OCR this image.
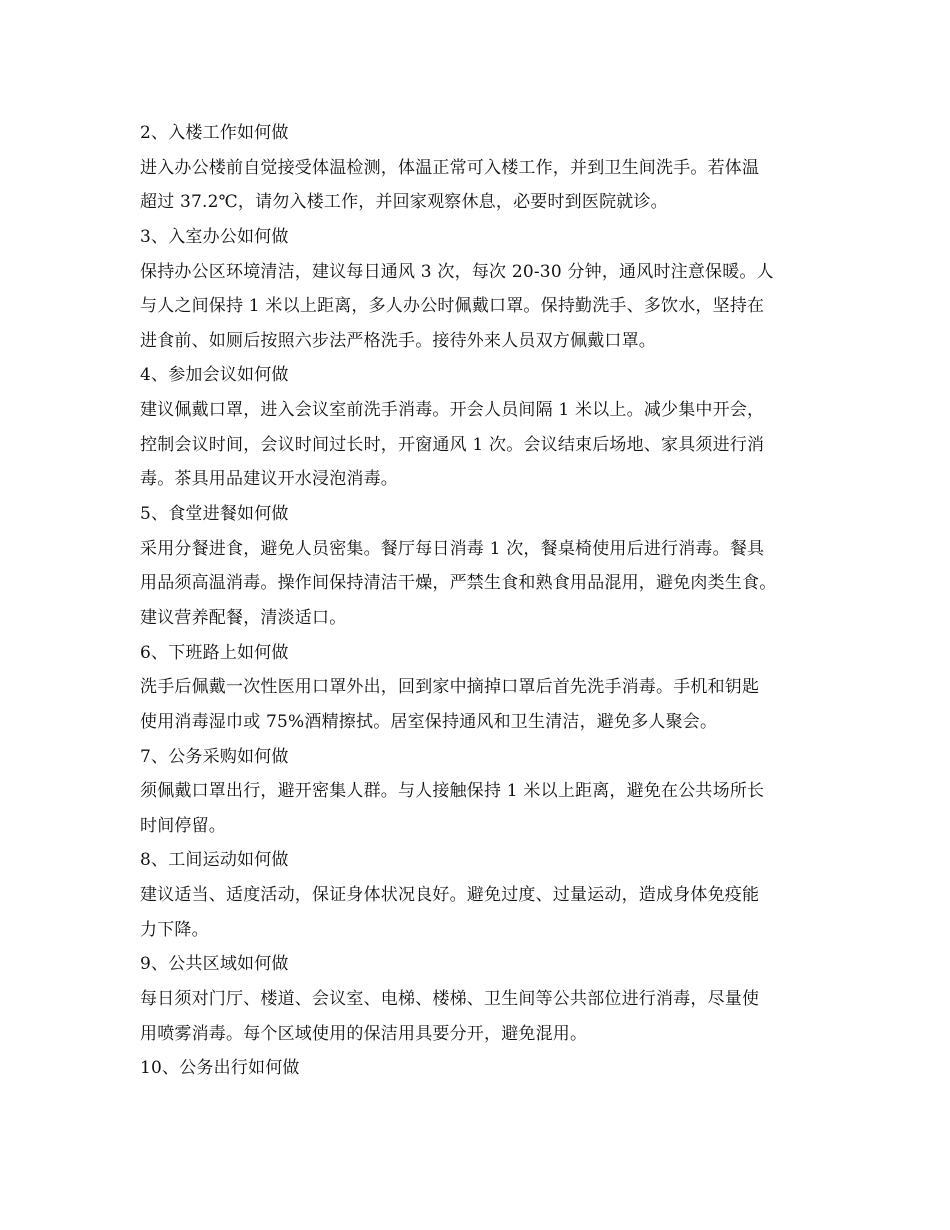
2、入楼工作如何做
进入办公楼前自觉接受体温检测，体温正常可入楼工作，并到卫生间洗手。若体温
超过 37.2℃，请勿入楼工作，并回家观察休息，必要时到医院就诊。
3、入室办公如何做
保持办公区环境清洁，建议每日通风 3 次，每次 20-30 分钟，通风时注意保暖。人
与人之间保持 1 米以上距离，多人办公时佩戴口罩。保持勤洗手、多饮水，坚持在
进食前、如厕后按照六步法严格洗手。接待外来人员双方佩戴口罩。
4、参加会议如何做
建议佩戴口罩，进入会议室前洗手消毒。开会人员间隔 1 米以上。减少集中开会，
控制会议时间，会议时间过长时，开窗通风 1 次。会议结束后场地、家具须进行消
毒。茶具用品建议开水浸泡消毒。
5、食堂进餐如何做
采用分餐进食，避免人员密集。餐厅每日消毒 1 次，餐桌椅使用后进行消毒。餐具
用品须高温消毒。操作间保持清洁干燥，严禁生食和熟食用品混用，避免肉类生食。
建议营养配餐，清淡适口。
6、下班路上如何做
洗手后佩戴一次性医用口罩外出，回到家中摘掉口罩后首先洗手消毒。手机和钥匙
使用消毒湿巾或 75%酒精擦拭。居室保持通风和卫生清洁，避免多人聚会。
7、公务采购如何做
须佩戴口罩出行，避开密集人群。与人接触保持 1 米以上距离，避免在公共场所长
时间停留。
8、工间运动如何做
建议适当、适度活动，保证身体状况良好。避免过度、过量运动，造成身体免疫能
力下降。
9、公共区域如何做
每日须对门厅、楼道、会议室、电梯、楼梯、卫生间等公共部位进行消毒，尽量使
用喷雾消毒。每个区域使用的保洁用具要分开，避免混用。
10、公务出行如何做
